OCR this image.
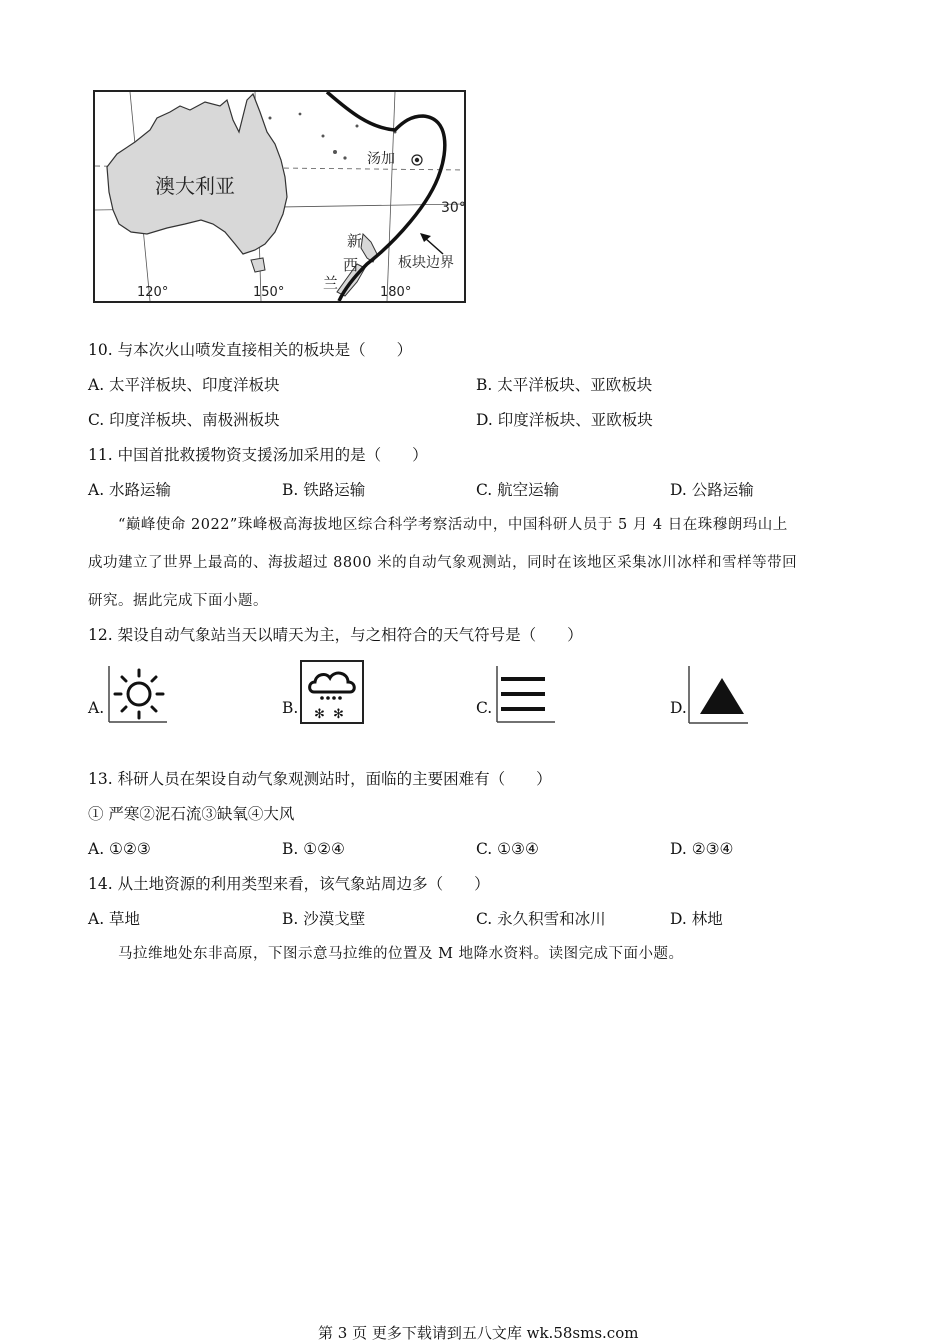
澳大利亚
汤加
新
西
兰
板块边界
30°
120°	150°	180°
10. 与本次火山喷发直接相关的板块是（　　）
A. 太平洋板块、印度洋板块	B. 太平洋板块、亚欧板块
C. 印度洋板块、南极洲板块	D. 印度洋板块、亚欧板块
11. 中国首批救援物资支援汤加采用的是（　　）
A. 水路运输	B. 铁路运输	C. 航空运输	D. 公路运输
“巅峰使命 2022”珠峰极高海拔地区综合科学考察活动中，中国科研人员于 5 月 4 日在珠穆朗玛山上
成功建立了世界上最高的、海拔超过 8800 米的自动气象观测站，同时在该地区采集冰川冰样和雪样等带回
研究。据此完成下面小题。
12. 架设自动气象站当天以晴天为主，与之相符合的天气符号是（　　）
A.	B. ✻ ✻	C.	D.
13. 科研人员在架设自动气象观测站时，面临的主要困难有（　　）
① 严寒②泥石流③缺氧④大风
A. ①②③	B. ①②④	C. ①③④	D. ②③④
14. 从土地资源的利用类型来看，该气象站周边多（　　）
A. 草地	B. 沙漠戈壁	C. 永久积雪和冰川	D. 林地
马拉维地处东非高原，下图示意马拉维的位置及 M 地降水资料。读图完成下面小题。
第 3 页 更多下载请到五八文库 wk.58sms.com
